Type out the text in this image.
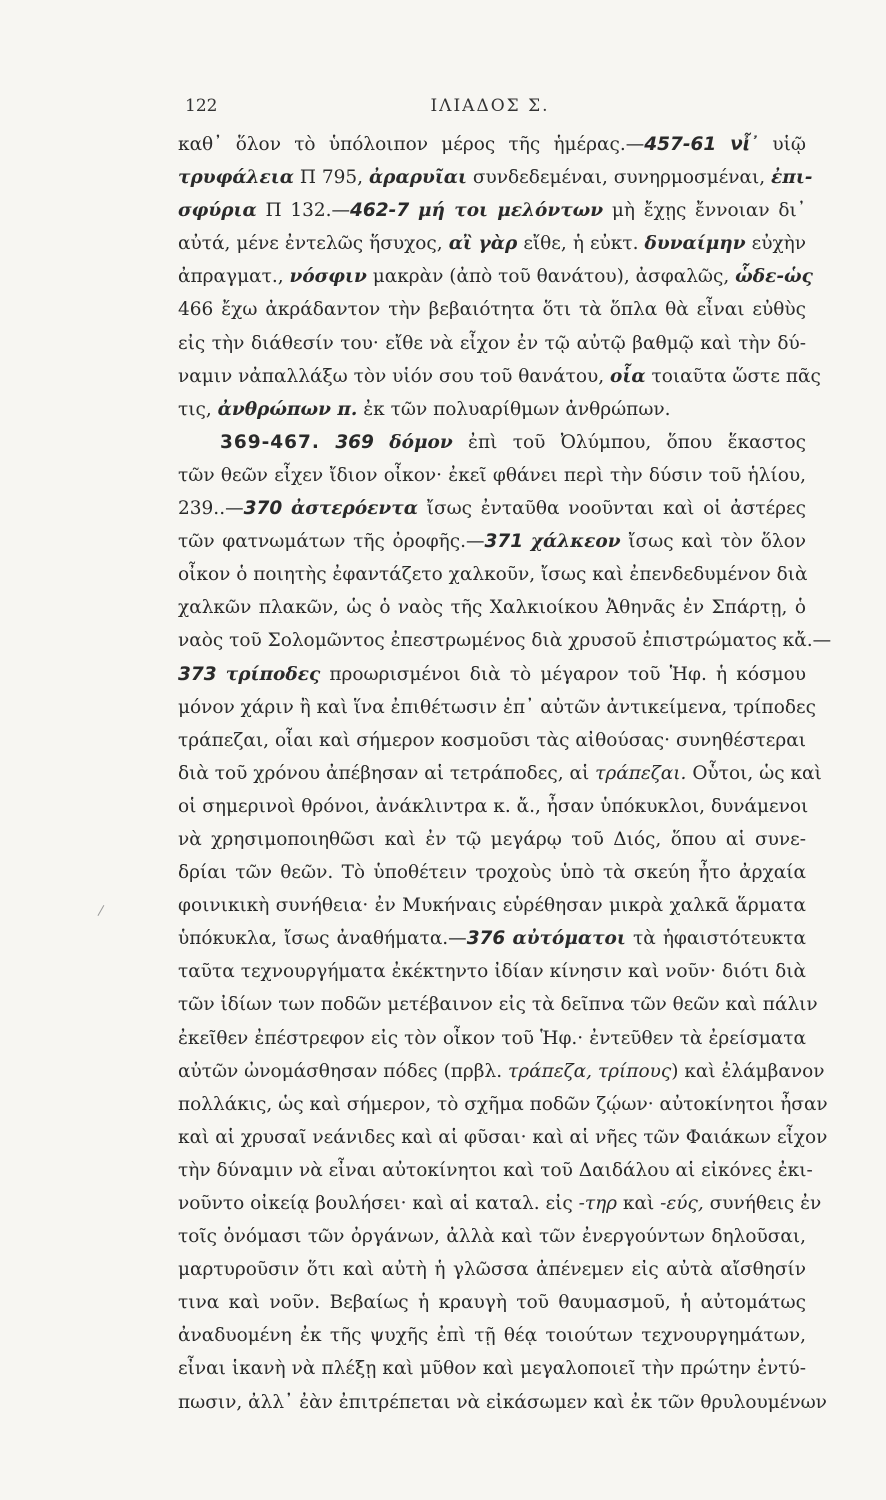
122	ΙΛΙΑΔΟΣ Σ.
καθ᾽ ὅλον τὸ ὑπόλοιπον μέρος τῆς ἡμέρας.—457-61 νἶ᾽ υἱῷ
τρυφάλεια Π 795, ἀραρυῖαι συνδεδεμέναι, συνηρμοσμέναι, ἐπι-
σφύρια Π 132.—462-7 μή τοι μελόντων μὴ ἔχῃς ἔννοιαν δι᾽
αὐτά, μένε ἐντελῶς ἥσυχος, αἲ γὰρ εἴθε, ἡ εὐκτ. δυναίμην εὐχὴν
ἀπραγματ., νόσφιν μακρὰν (ἀπὸ τοῦ θανάτου), ἀσφαλῶς, ὧδε-ὡς
466 ἔχω ἀκράδαντον τὴν βεβαιότητα ὅτι τὰ ὅπλα θὰ εἶναι εὐθὺς
εἰς τὴν διάθεσίν του· εἴθε νὰ εἶχον ἐν τῷ αὐτῷ βαθμῷ καὶ τὴν δύ-
ναμιν νἀπαλλάξω τὸν υἱόν σου τοῦ θανάτου, οἷα τοιαῦτα ὥστε πᾶς
τις, ἀνθρώπων π. ἐκ τῶν πολυαρίθμων ἀνθρώπων.
369-467. 369 δόμον ἐπὶ τοῦ Ὀλύμπου, ὅπου ἕκαστος
τῶν θεῶν εἶχεν ἴδιον οἶκον· ἐκεῖ φθάνει περὶ τὴν δύσιν τοῦ ἡλίου,
239..—370 ἀστερόεντα ἴσως ἐνταῦθα νοοῦνται καὶ οἱ ἀστέρες
τῶν φατνωμάτων τῆς ὀροφῆς.—371 χάλκεον ἴσως καὶ τὸν ὅλον
οἶκον ὁ ποιητὴς ἐφαντάζετο χαλκοῦν, ἴσως καὶ ἐπενδεδυμένον διὰ
χαλκῶν πλακῶν, ὡς ὁ ναὸς τῆς Χαλκιοίκου Ἀθηνᾶς ἐν Σπάρτῃ, ὁ
ναὸς τοῦ Σολομῶντος ἐπεστρωμένος διὰ χρυσοῦ ἐπιστρώματος κἄ.—
373 τρίποδες προωρισμένοι διὰ τὸ μέγαρον τοῦ Ἡφ. ἡ κόσμου
μόνον χάριν ἢ καὶ ἵνα ἐπιθέτωσιν ἐπ᾽ αὐτῶν ἀντικείμενα, τρίποδες
τράπεζαι, οἷαι καὶ σήμερον κοσμοῦσι τὰς αἰθούσας· συνηθέστεραι
διὰ τοῦ χρόνου ἀπέβησαν αἱ τετράποδες, αἱ τράπεζαι. Οὗτοι, ὡς καὶ
οἱ σημερινοὶ θρόνοι, ἀνάκλιντρα κ. ἄ., ἦσαν ὑπόκυκλοι, δυνάμενοι
νὰ χρησιμοποιηθῶσι καὶ ἐν τῷ μεγάρῳ τοῦ Διός, ὅπου αἱ συνε-
δρίαι τῶν θεῶν. Τὸ ὑποθέτειν τροχοὺς ὑπὸ τὰ σκεύη ἦτο ἀρχαία
φοινικικὴ συνήθεια· ἐν Μυκήναις εὑρέθησαν μικρὰ χαλκᾶ ἅρματα
ὑπόκυκλα, ἴσως ἀναθήματα.—376 αὐτόματοι τὰ ἡφαιστότευκτα
ταῦτα τεχνουργήματα ἐκέκτηντο ἰδίαν κίνησιν καὶ νοῦν· διότι διὰ
τῶν ἰδίων των ποδῶν μετέβαινον εἰς τὰ δεῖπνα τῶν θεῶν καὶ πάλιν
ἐκεῖθεν ἐπέστρεφον εἰς τὸν οἶκον τοῦ Ἡφ.· ἐντεῦθεν τὰ ἐρείσματα
αὐτῶν ὠνομάσθησαν πόδες (πρβλ. τράπεζα, τρίπους) καὶ ἐλάμβανον
πολλάκις, ὡς καὶ σήμερον, τὸ σχῆμα ποδῶν ζῴων· αὐτοκίνητοι ἦσαν
καὶ αἱ χρυσαῖ νεάνιδες καὶ αἱ φῦσαι· καὶ αἱ νῆες τῶν Φαιάκων εἶχον
τὴν δύναμιν νὰ εἶναι αὐτοκίνητοι καὶ τοῦ Δαιδάλου αἱ εἰκόνες ἐκι-
νοῦντο οἰκείᾳ βουλήσει· καὶ αἱ καταλ. εἰς -τηρ καὶ -εύς, συνήθεις ἐν
τοῖς ὀνόμασι τῶν ὀργάνων, ἀλλὰ καὶ τῶν ἐνεργούντων δηλοῦσαι,
μαρτυροῦσιν ὅτι καὶ αὐτὴ ἡ γλῶσσα ἀπένεμεν εἰς αὐτὰ αἴσθησίν
τινα καὶ νοῦν. Βεβαίως ἡ κραυγὴ τοῦ θαυμασμοῦ, ἡ αὐτομάτως
ἀναδυομένη ἐκ τῆς ψυχῆς ἐπὶ τῇ θέᾳ τοιούτων τεχνουργημάτων,
εἶναι ἱκανὴ νὰ πλέξῃ καὶ μῦθον καὶ μεγαλοποιεῖ τὴν πρώτην ἐντύ-
πωσιν, ἀλλ᾽ ἐὰν ἐπιτρέπεται νὰ εἰκάσωμεν καὶ ἐκ τῶν θρυλουμένων
